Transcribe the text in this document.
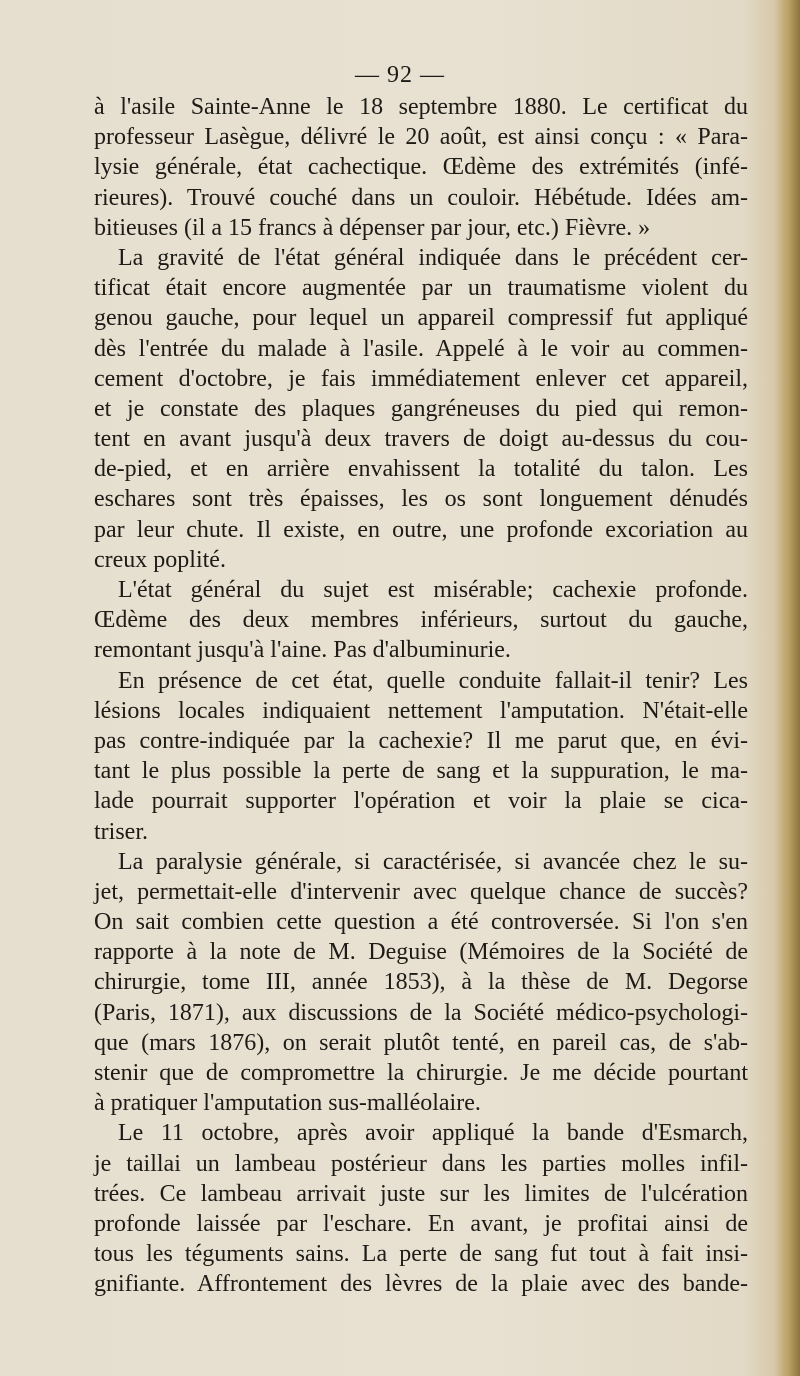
— 92 —
à l'asile Sainte-Anne le 18 septembre 1880. Le certificat du
professeur Lasègue, délivré le 20 août, est ainsi conçu : « Para-
lysie générale, état cachectique. Œdème des extrémités (infé-
rieures). Trouvé couché dans un couloir. Hébétude. Idées am-
bitieuses (il a 15 francs à dépenser par jour, etc.) Fièvre. »
La gravité de l'état général indiquée dans le précédent cer-
tificat était encore augmentée par un traumatisme violent du
genou gauche, pour lequel un appareil compressif fut appliqué
dès l'entrée du malade à l'asile. Appelé à le voir au commen-
cement d'octobre, je fais immédiatement enlever cet appareil,
et je constate des plaques gangréneuses du pied qui remon-
tent en avant jusqu'à deux travers de doigt au-dessus du cou-
de-pied, et en arrière envahissent la totalité du talon. Les
eschares sont très épaisses, les os sont longuement dénudés
par leur chute. Il existe, en outre, une profonde excoriation au
creux poplité.
L'état général du sujet est misérable; cachexie profonde.
Œdème des deux membres inférieurs, surtout du gauche,
remontant jusqu'à l'aine. Pas d'albuminurie.
En présence de cet état, quelle conduite fallait-il tenir? Les
lésions locales indiquaient nettement l'amputation. N'était-elle
pas contre-indiquée par la cachexie? Il me parut que, en évi-
tant le plus possible la perte de sang et la suppuration, le ma-
lade pourrait supporter l'opération et voir la plaie se cica-
triser.
La paralysie générale, si caractérisée, si avancée chez le su-
jet, permettait-elle d'intervenir avec quelque chance de succès?
On sait combien cette question a été controversée. Si l'on s'en
rapporte à la note de M. Deguise (Mémoires de la Société de
chirurgie, tome III, année 1853), à la thèse de M. Degorse
(Paris, 1871), aux discussions de la Société médico-psychologi-
que (mars 1876), on serait plutôt tenté, en pareil cas, de s'ab-
stenir que de compromettre la chirurgie. Je me décide pourtant
à pratiquer l'amputation sus-malléolaire.
Le 11 octobre, après avoir appliqué la bande d'Esmarch,
je taillai un lambeau postérieur dans les parties molles infil-
trées. Ce lambeau arrivait juste sur les limites de l'ulcération
profonde laissée par l'eschare. En avant, je profitai ainsi de
tous les téguments sains. La perte de sang fut tout à fait insi-
gnifiante. Affrontement des lèvres de la plaie avec des bande-
